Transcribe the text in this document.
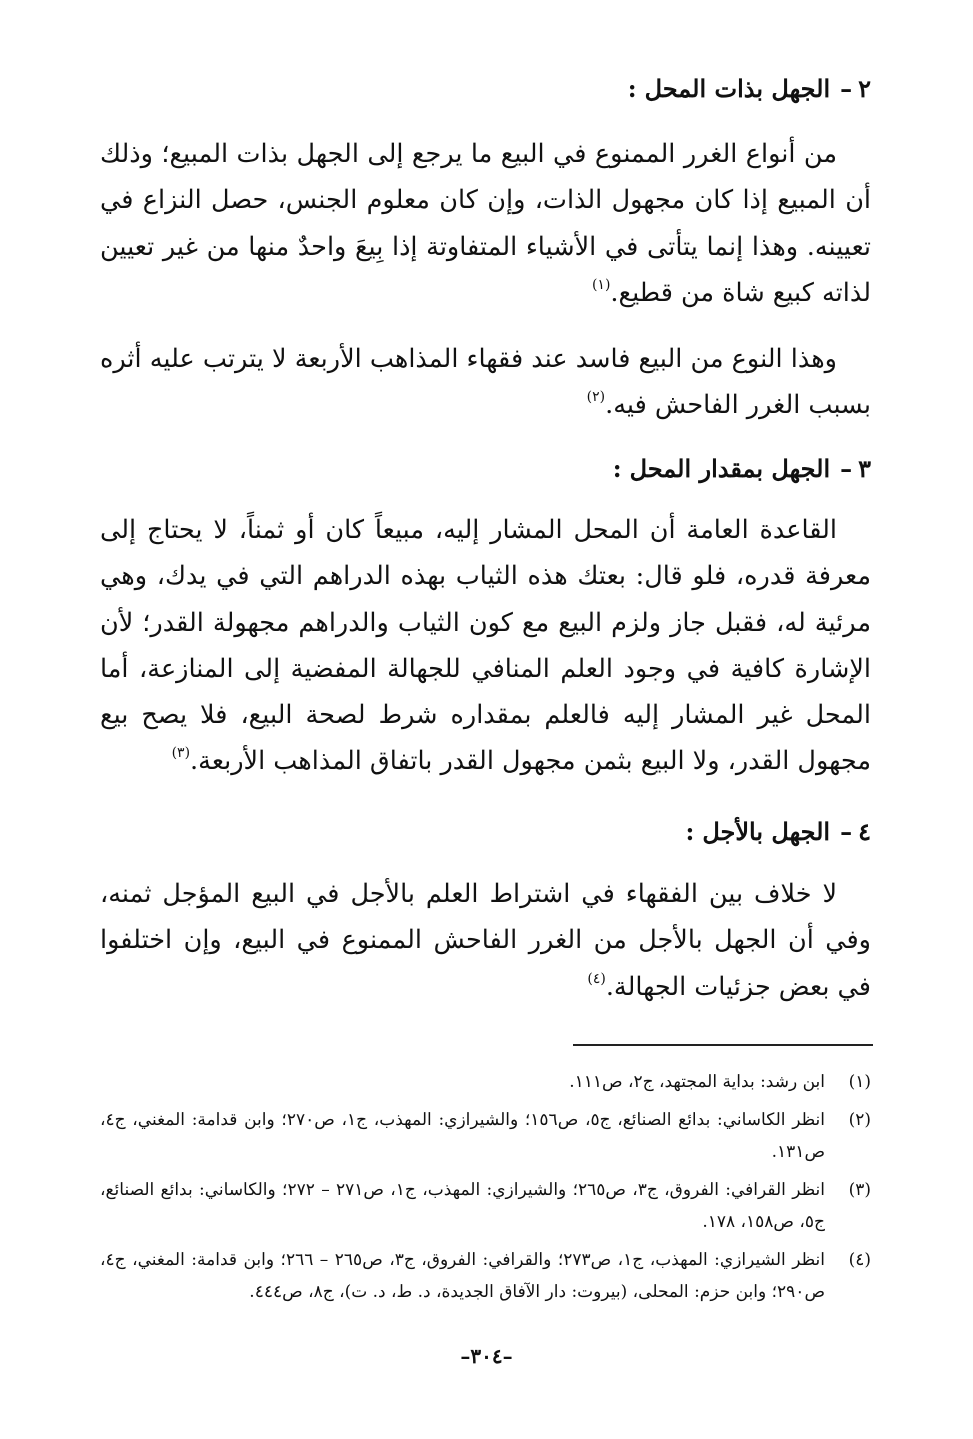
٢–الجهل بذات المحل:
من أنواع الغرر الممنوع في البيع ما يرجع إلى الجهل بذات المبيع؛ وذلك أن المبيع إذا كان مجهول الذات، وإن كان معلوم الجنس، حصل النزاع في تعيينه. وهذا إنما يتأتى في الأشياء المتفاوتة إذا بِيعَ واحدٌ منها من غير تعيين لذاته كبيع شاة من قطيع.$^{(١)}$
وهذا النوع من البيع فاسد عند فقهاء المذاهب الأربعة لا يترتب عليه أثره بسبب الغرر الفاحش فيه.$^{(٢)}$
٣–الجهل بمقدار المحل:
القاعدة العامة أن المحل المشار إليه، مبيعاً كان أو ثمناً، لا يحتاج إلى معرفة قدره، فلو قال: بعتك هذه الثياب بهذه الدراهم التي في يدك، وهي مرئية له، فقبل جاز ولزم البيع مع كون الثياب والدراهم مجهولة القدر؛ لأن الإشارة كافية في وجود العلم المنافي للجهالة المفضية إلى المنازعة، أما المحل غير المشار إليه فالعلم بمقداره شرط لصحة البيع، فلا يصح بيع مجهول القدر، ولا البيع بثمن مجهول القدر باتفاق المذاهب الأربعة.$^{(٣)}$
٤–الجهل بالأجل:
لا خلاف بين الفقهاء في اشتراط العلم بالأجل في البيع المؤجل ثمنه، وفي أن الجهل بالأجل من الغرر الفاحش الممنوع في البيع، وإن اختلفوا في بعض جزئيات الجهالة.$^{(٤)}$
(١)
ابن رشد: بداية المجتهد، ج٢، ص١١١.
(٢)
انظر الكاساني: بدائع الصنائع، ج٥، ص١٥٦؛ والشيرازي: المهذب، ج١، ص٢٧٠؛ وابن قدامة: المغني، ج٤، ص١٣١.
(٣)
انظر القرافي: الفروق، ج٣، ص٢٦٥؛ والشيرازي: المهذب، ج١، ص٢٧١ – ٢٧٢؛ والكاساني: بدائع الصنائع، ج٥، ص١٥٨، ١٧٨.
(٤)
انظر الشيرازي: المهذب، ج١، ص٢٧٣؛ والقرافي: الفروق، ج٣، ص٢٦٥ – ٢٦٦؛ وابن قدامة: المغني، ج٤، ص٢٩٠؛ وابن حزم: المحلى، (بيروت: دار الآفاق الجديدة، د. ط، د. ت)، ج٨، ص٤٤٤.
–٣٠٤–
